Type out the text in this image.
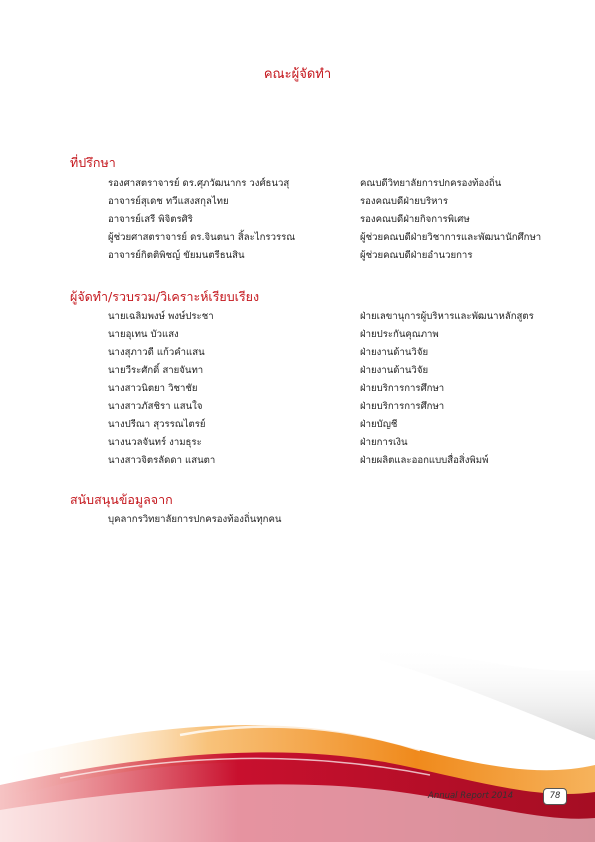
คณะผู้จัดทำ
ที่ปรึกษา
รองศาสตราจารย์ ดร.ศุภวัฒนากร วงศ์ธนวสุ	คณบดีวิทยาลัยการปกครองท้องถิ่น
อาจารย์สุเดช ทวีแสงสกุลไทย	รองคณบดีฝ่ายบริหาร
อาจารย์เสรี พิจิตรศิริ	รองคณบดีฝ่ายกิจการพิเศษ
ผู้ช่วยศาสตราจารย์ ดร.จินตนา สิ้ละไกรวรรณ	ผู้ช่วยคณบดีฝ่ายวิชาการและพัฒนานักศึกษา
อาจารย์กิตติพิชญ์ ขัยมนตรีธนสิน	ผู้ช่วยคณบดีฝ่ายอำนวยการ
ผู้จัดทำ/รวบรวม/วิเคราะห์เรียบเรียง
นายเฉลิมพงษ์ พงษ์ประชา	ฝ่ายเลขานุการผู้บริหารและพัฒนาหลักสูตร
นายอุเทน บัวแสง	ฝ่ายประกันคุณภาพ
นางสุภาวดี แก้วคำแสน	ฝ่ายงานด้านวิจัย
นายวีระศักดิ์ สายจันทา	ฝ่ายงานด้านวิจัย
นางสาวนิตยา วิชาชัย	ฝ่ายบริการการศึกษา
นางสาวภัสชิรา แสนใจ	ฝ่ายบริการการศึกษา
นางปรีณา สุวรรณไตรย์	ฝ่ายบัญชี
นางนวลจันทร์ งามธุระ	ฝ่ายการเงิน
นางสาวจิตรลัดดา แสนตา	ฝ่ายผลิตและออกแบบสื่อสิ่งพิมพ์
สนับสนุนข้อมูลจาก
บุคลากรวิทยาลัยการปกครองท้องถิ่นทุกคน
Annual Report 2014	78
